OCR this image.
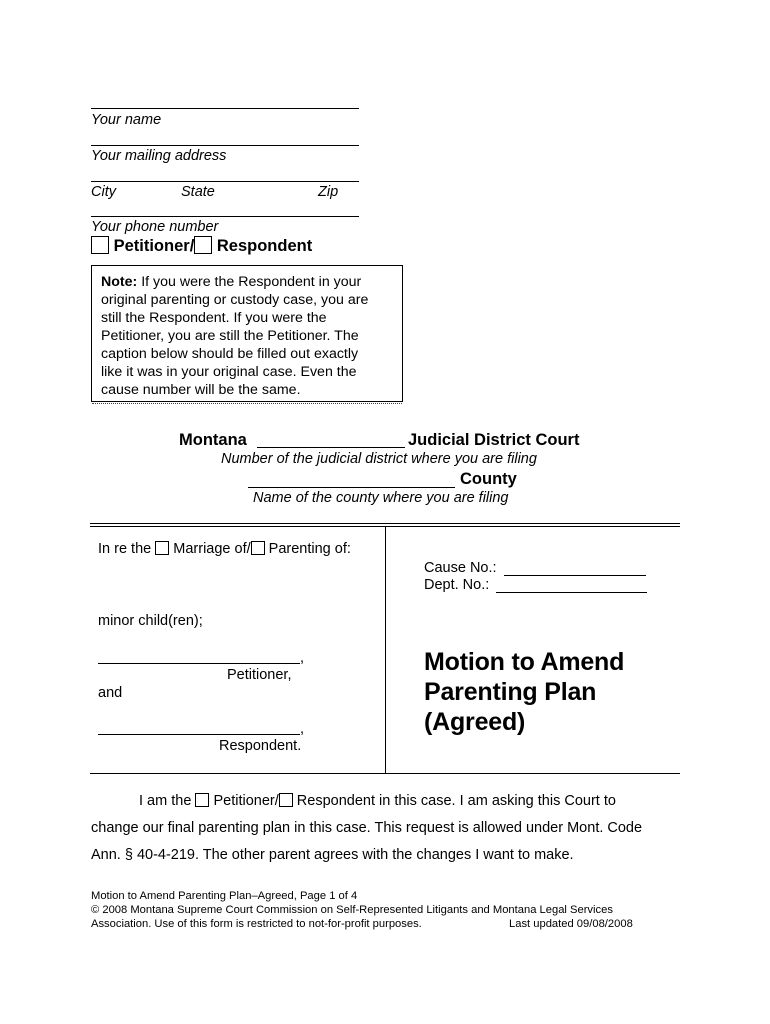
Your name
Your mailing address
City	State	Zip
Your phone number
Petitioner/ Respondent
Note: If you were the Respondent in your
original parenting or custody case, you are
still the Respondent. If you were the
Petitioner, you are still the Petitioner. The
caption below should be filled out exactly
like it was in your original case. Even the
cause number will be the same.
Montana	Judicial District Court
Number of the judicial district where you are filing
County
Name of the county where you are filing
In re the Marriage of/ Parenting of:
minor child(ren);
,
Petitioner,
and
,
Respondent.
Cause No.:
Dept. No.:
Motion to Amend
Parenting Plan
(Agreed)
I am the Petitioner/ Respondent in this case. I am asking this Court to
change our final parenting plan in this case. This request is allowed under Mont. Code
Ann. § 40-4-219. The other parent agrees with the changes I want to make.
Motion to Amend Parenting Plan–Agreed, Page 1 of 4
© 2008 Montana Supreme Court Commission on Self-Represented Litigants and Montana Legal Services
Association. Use of this form is restricted to not-for-profit purposes.	Last updated 09/08/2008
